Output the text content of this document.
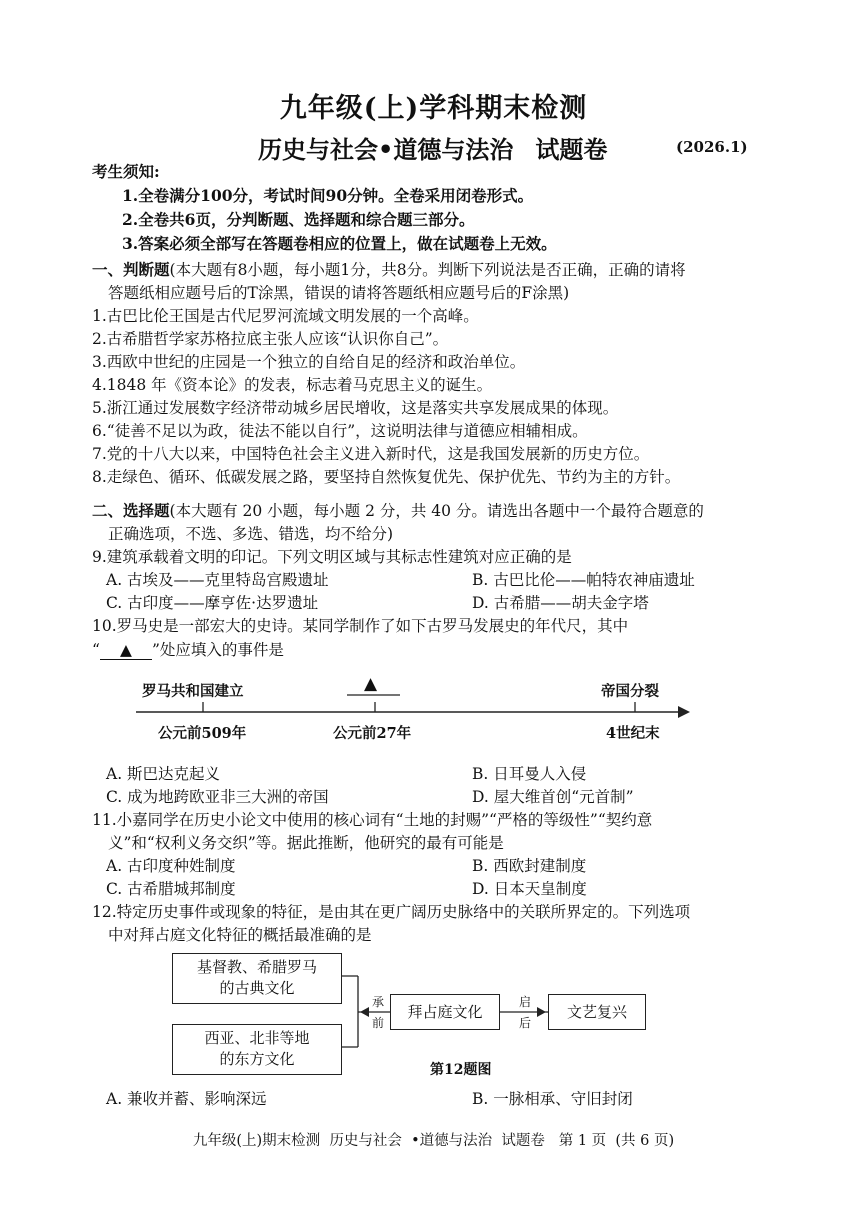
九年级(上)学科期末检测
历史与社会•道德与法治 试题卷	(2026.1)
考生须知:
1.全卷满分100分，考试时间90分钟。全卷采用闭卷形式。
2.全卷共6页，分判断题、选择题和综合题三部分。
3.答案必须全部写在答题卷相应的位置上，做在试题卷上无效。
一、判断题(本大题有8小题，每小题1分，共8分。判断下列说法是否正确，正确的请将
答题纸相应题号后的T涂黑，错误的请将答题纸相应题号后的F涂黑)
1.古巴比伦王国是古代尼罗河流域文明发展的一个高峰。
2.古希腊哲学家苏格拉底主张人应该“认识你自己”。
3.西欧中世纪的庄园是一个独立的自给自足的经济和政治单位。
4.1848 年《资本论》的发表，标志着马克思主义的诞生。
5.浙江通过发展数字经济带动城乡居民增收，这是落实共享发展成果的体现。
6.“徒善不足以为政，徒法不能以自行”，这说明法律与道德应相辅相成。
7.党的十八大以来，中国特色社会主义进入新时代，这是我国发展新的历史方位。
8.走绿色、循环、低碳发展之路，要坚持自然恢复优先、保护优先、节约为主的方针。
二、选择题(本大题有 20 小题，每小题 2 分，共 40 分。请选出各题中一个最符合题意的
正确选项，不选、多选、错选，均不给分)
9.建筑承载着文明的印记。下列文明区域与其标志性建筑对应正确的是
A. 古埃及——克里特岛宫殿遗址	B. 古巴比伦——帕特农神庙遗址
C. 古印度——摩亨佐·达罗遗址	D. 古希腊——胡夫金字塔
10.罗马史是一部宏大的史诗。某同学制作了如下古罗马发展史的年代尺，其中
“ ▲ ”处应填入的事件是
罗马共和国建立	▲	帝国分裂
公元前509年	公元前27年	4世纪末
A. 斯巴达克起义	B. 日耳曼人入侵
C. 成为地跨欧亚非三大洲的帝国	D. 屋大维首创“元首制”
11.小嘉同学在历史小论文中使用的核心词有“土地的封赐”“严格的等级性”“契约意
义”和“权利义务交织”等。据此推断，他研究的最有可能是
A. 古印度种姓制度	B. 西欧封建制度
C. 古希腊城邦制度	D. 日本天皇制度
12.特定历史事件或现象的特征，是由其在更广阔历史脉络中的关联所界定的。下列选项
中对拜占庭文化特征的概括最准确的是
基督教、希腊罗马
的古典文化
西亚、北非等地
的东方文化
拜占庭文化	文艺复兴
承
前
启
后
第12题图
A. 兼收并蓄、影响深远	B. 一脉相承、守旧封闭
九年级(上)期末检测  历史与社会  •道德与法治  试题卷   第 1 页  (共 6 页)
